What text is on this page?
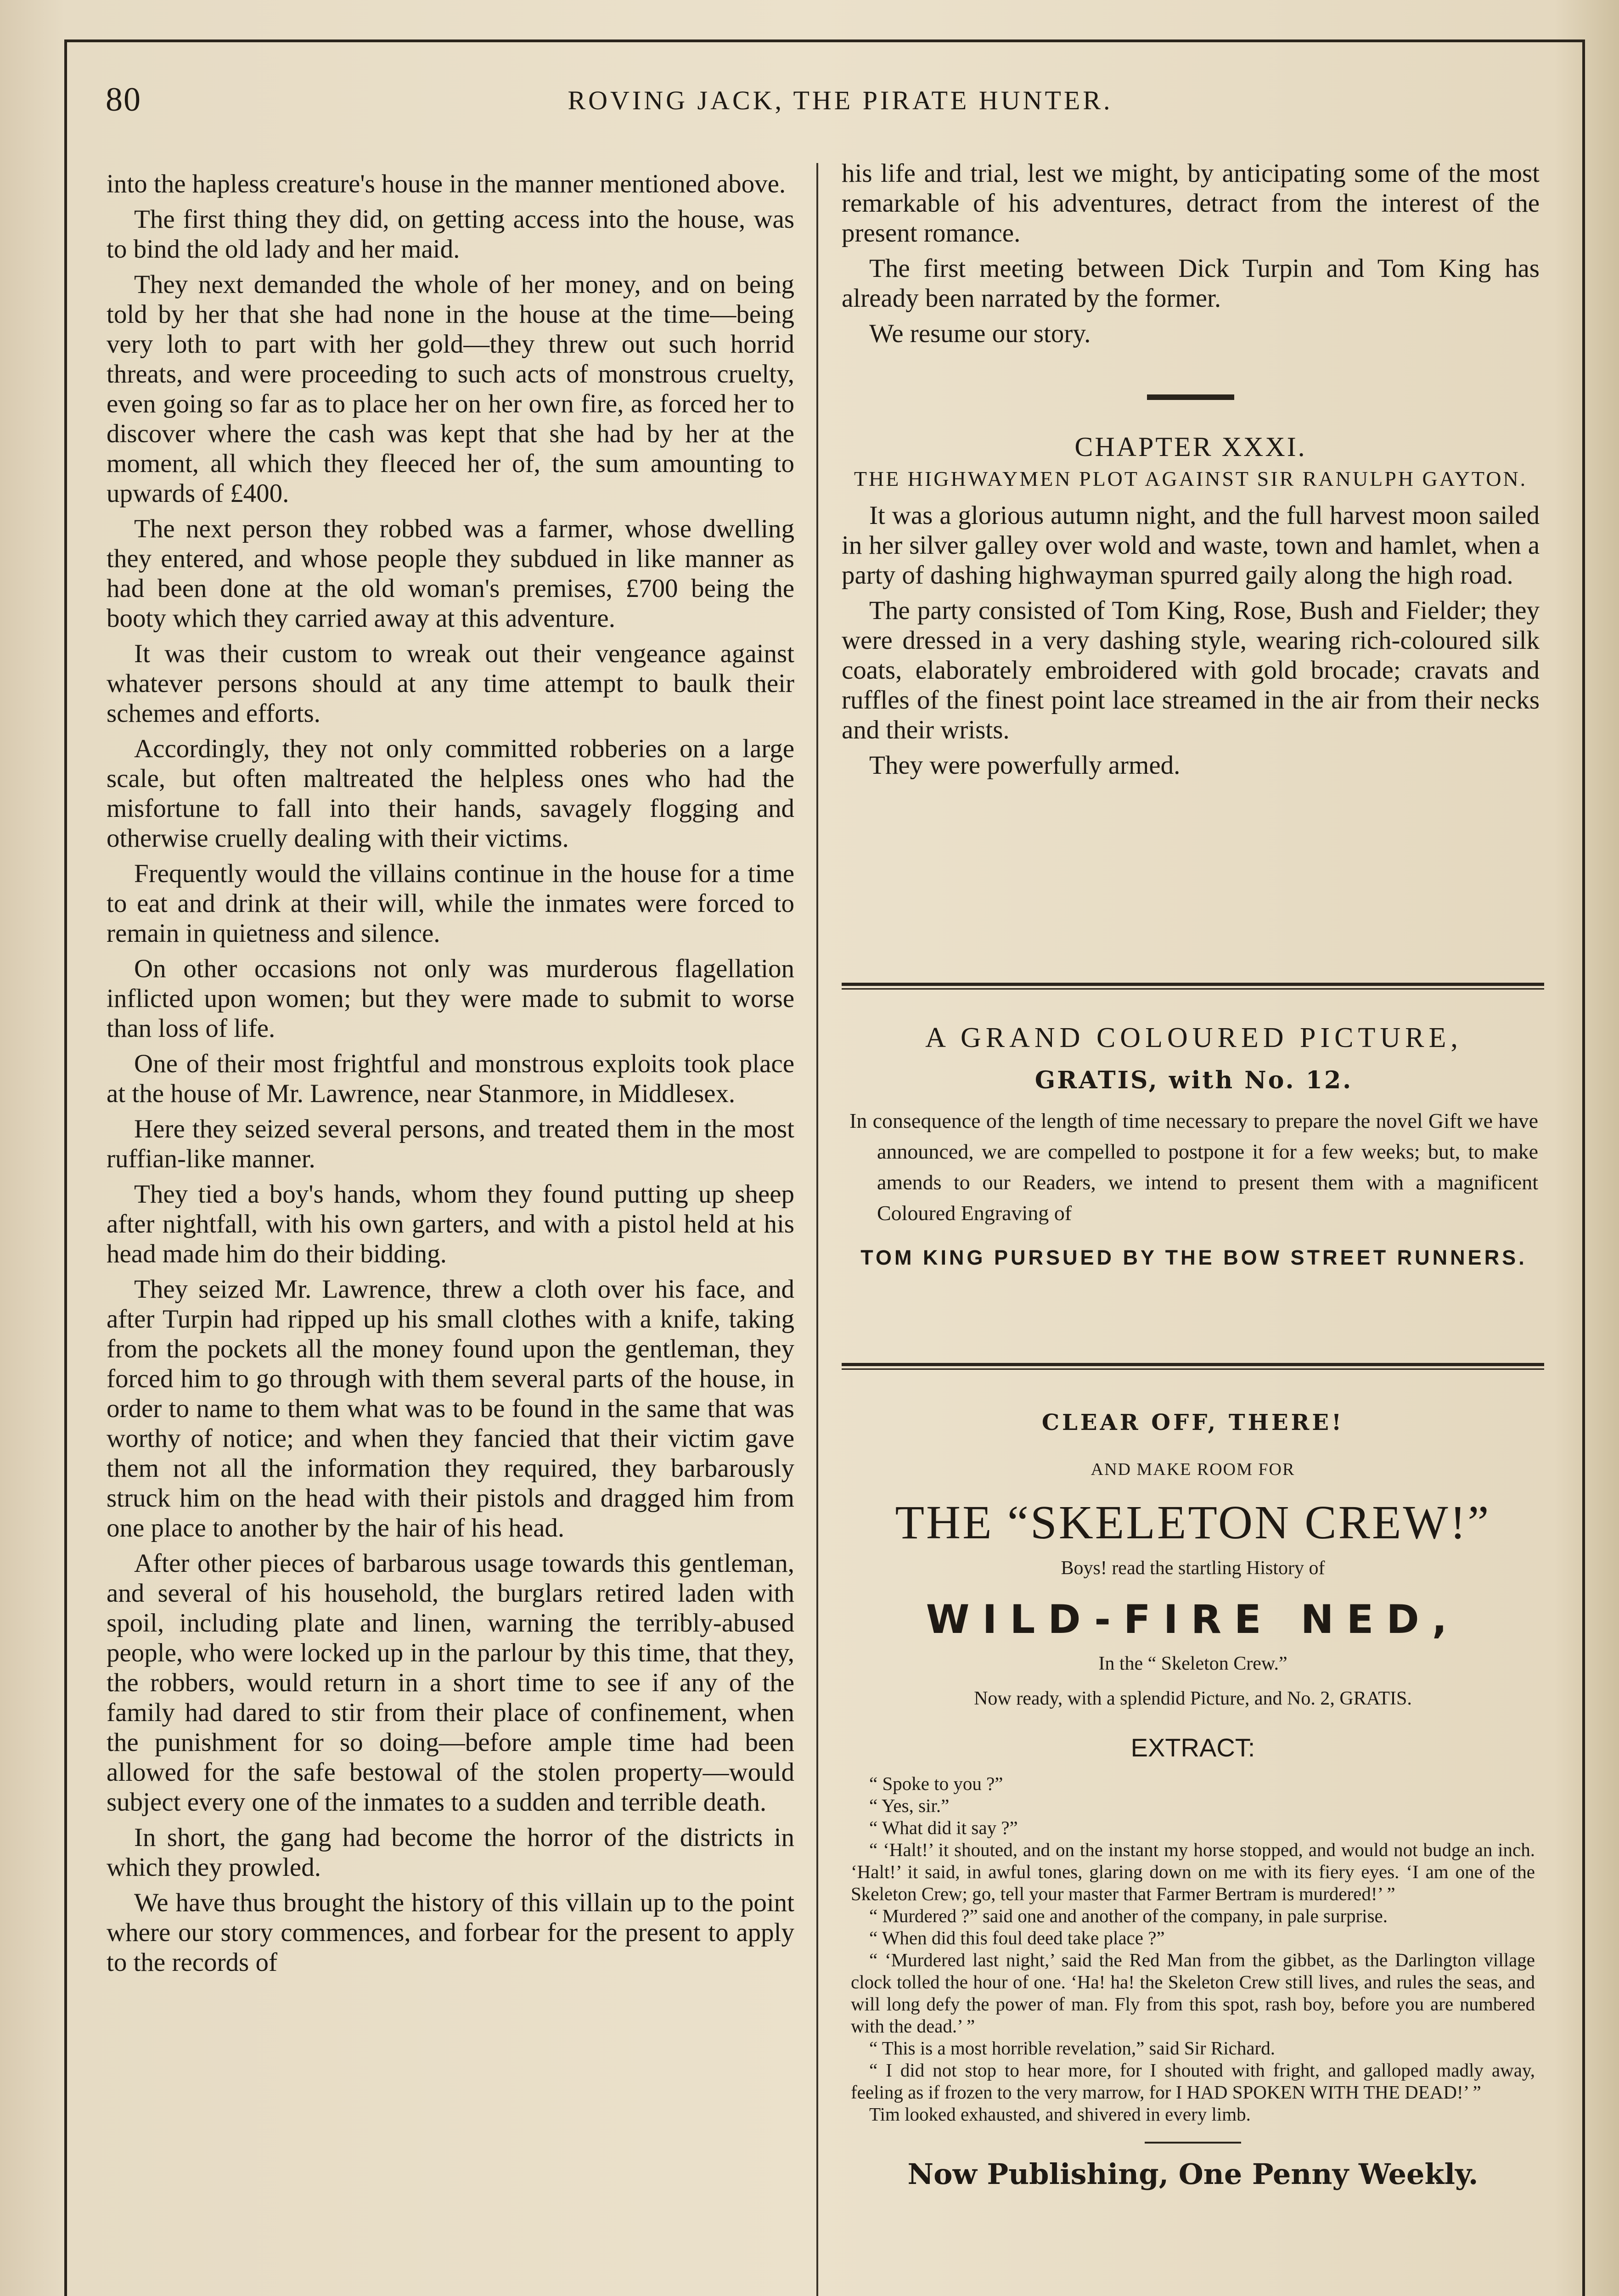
80	ROVING JACK, THE PIRATE HUNTER.

into the hapless creature's house in the manner mentioned above.

The first thing they did, on getting access into the house, was to bind the old lady and her maid.

They next demanded the whole of her money, and on being told by her that she had none in the house at the time—being very loth to part with her gold—they threw out such horrid threats, and were proceeding to such acts of monstrous cruelty, even going so far as to place her on her own fire, as forced her to discover where the cash was kept that she had by her at the moment, all which they fleeced her of, the sum amounting to upwards of £400.

The next person they robbed was a farmer, whose dwelling they entered, and whose people they subdued in like manner as had been done at the old woman's premises, £700 being the booty which they carried away at this adventure.

It was their custom to wreak out their vengeance against whatever persons should at any time attempt to baulk their schemes and efforts.

Accordingly, they not only committed robberies on a large scale, but often maltreated the helpless ones who had the misfortune to fall into their hands, savagely flogging and otherwise cruelly dealing with their victims.

Frequently would the villains continue in the house for a time to eat and drink at their will, while the inmates were forced to remain in quietness and silence.

On other occasions not only was murderous flagellation inflicted upon women; but they were made to submit to worse than loss of life.

One of their most frightful and monstrous exploits took place at the house of Mr. Lawrence, near Stanmore, in Middlesex.

Here they seized several persons, and treated them in the most ruffian-like manner.

They tied a boy's hands, whom they found putting up sheep after nightfall, with his own garters, and with a pistol held at his head made him do their bidding.

They seized Mr. Lawrence, threw a cloth over his face, and after Turpin had ripped up his small clothes with a knife, taking from the pockets all the money found upon the gentleman, they forced him to go through with them several parts of the house, in order to name to them what was to be found in the same that was worthy of notice; and when they fancied that their victim gave them not all the information they required, they barbarously struck him on the head with their pistols and dragged him from one place to another by the hair of his head.

After other pieces of barbarous usage towards this gentleman, and several of his household, the burglars retired laden with spoil, including plate and linen, warning the terribly-abused people, who were locked up in the parlour by this time, that they, the robbers, would return in a short time to see if any of the family had dared to stir from their place of confinement, when the punishment for so doing—before ample time had been allowed for the safe bestowal of the stolen property—would subject every one of the inmates to a sudden and terrible death.

In short, the gang had become the horror of the districts in which they prowled.

We have thus brought the history of this villain up to the point where our story commences, and forbear for the present to apply to the records of

his life and trial, lest we might, by anticipating some of the most remarkable of his adventures, detract from the interest of the present romance.

The first meeting between Dick Turpin and Tom King has already been narrated by the former.

We resume our story.

CHAPTER XXXI.
THE HIGHWAYMEN PLOT AGAINST SIR RANULPH GAYTON.

It was a glorious autumn night, and the full harvest moon sailed in her silver galley over wold and waste, town and hamlet, when a party of dashing highwayman spurred gaily along the high road.

The party consisted of Tom King, Rose, Bush and Fielder; they were dressed in a very dashing style, wearing rich-coloured silk coats, elaborately embroidered with gold brocade; cravats and ruffles of the finest point lace streamed in the air from their necks and their wrists.

They were powerfully armed.

A GRAND COLOURED PICTURE,
GRATIS, with No. 12.
In consequence of the length of time necessary to prepare the novel Gift we have announced, we are compelled to postpone it for a few weeks; but, to make amends to our Readers, we intend to present them with a magnificent Coloured Engraving of
TOM KING PURSUED BY THE BOW STREET RUNNERS.
CLEAR OFF, THERE!
AND MAKE ROOM FOR
THE “SKELETON CREW!”
Boys! read the startling History of
WILD-FIRE NED,
In the “ Skeleton Crew.”
Now ready, with a splendid Picture, and No. 2, GRATIS.
EXTRACT:
“ Spoke to you ?”
“ Yes, sir.”
“ What did it say ?”
“ ‘Halt!’ it shouted, and on the instant my horse stopped, and would not budge an inch. ‘Halt!’ it said, in awful tones, glaring down on me with its fiery eyes. ‘I am one of the Skeleton Crew; go, tell your master that Farmer Bertram is murdered!’ ”
“ Murdered ?” said one and another of the company, in pale surprise.
“ When did this foul deed take place ?”
“ ‘Murdered last night,’ said the Red Man from the gibbet, as the Darlington village clock tolled the hour of one. ‘Ha! ha! the Skeleton Crew still lives, and rules the seas, and will long defy the power of man. Fly from this spot, rash boy, before you are numbered with the dead.’ ”
“ This is a most horrible revelation,” said Sir Richard.
“ I did not stop to hear more, for I shouted with fright, and galloped madly away, feeling as if frozen to the very marrow, for I HAD SPOKEN WITH THE DEAD!’ ”
Tim looked exhausted, and shivered in every limb.
Now Publishing, One Penny Weekly.
